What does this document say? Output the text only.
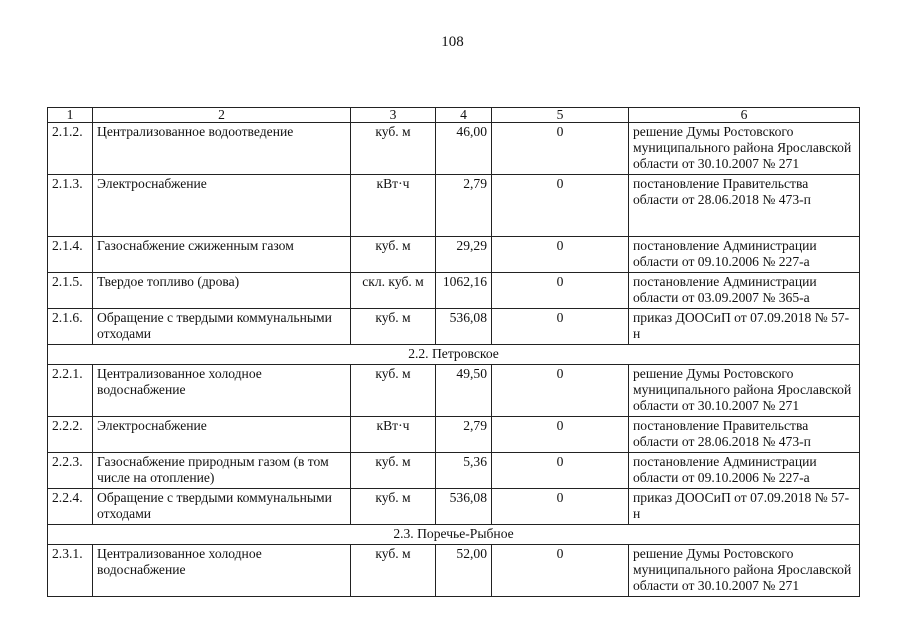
108
1	2	3	4	5	6
2.1.2.	Централизованное водоотведение	куб. м	46,00	0	решение Думы Ростовского муниципального района Ярославской области от 30.10.2007 № 271
2.1.3.	Электроснабжение	кВт·ч	2,79	0	постановление Правительства области от 28.06.2018 № 473-п
2.1.4.	Газоснабжение сжиженным газом	куб. м	29,29	0	постановление Администрации области от 09.10.2006 № 227-а
2.1.5.	Твердое топливо (дрова)	скл. куб. м	1062,16	0	постановление Администрации области от 03.09.2007 № 365-а
2.1.6.	Обращение с твердыми коммунальными отходами	куб. м	536,08	0	приказ ДООСиП от 07.09.2018 № 57-н
2.2. Петровское					
2.2.1.	Централизованное холодное водоснабжение	куб. м	49,50	0	решение Думы Ростовского муниципального района Ярославской области от 30.10.2007 № 271
2.2.2.	Электроснабжение	кВт·ч	2,79	0	постановление Правительства области от 28.06.2018 № 473-п
2.2.3.	Газоснабжение природным газом (в том числе на отопление)	куб. м	5,36	0	постановление Администрации области от 09.10.2006 № 227-а
2.2.4.	Обращение с твердыми коммунальными отходами	куб. м	536,08	0	приказ ДООСиП от 07.09.2018 № 57-н
2.3. Поречье-Рыбное					
2.3.1.	Централизованное холодное водоснабжение	куб. м	52,00	0	решение Думы Ростовского муниципального района Ярославской области от 30.10.2007 № 271
